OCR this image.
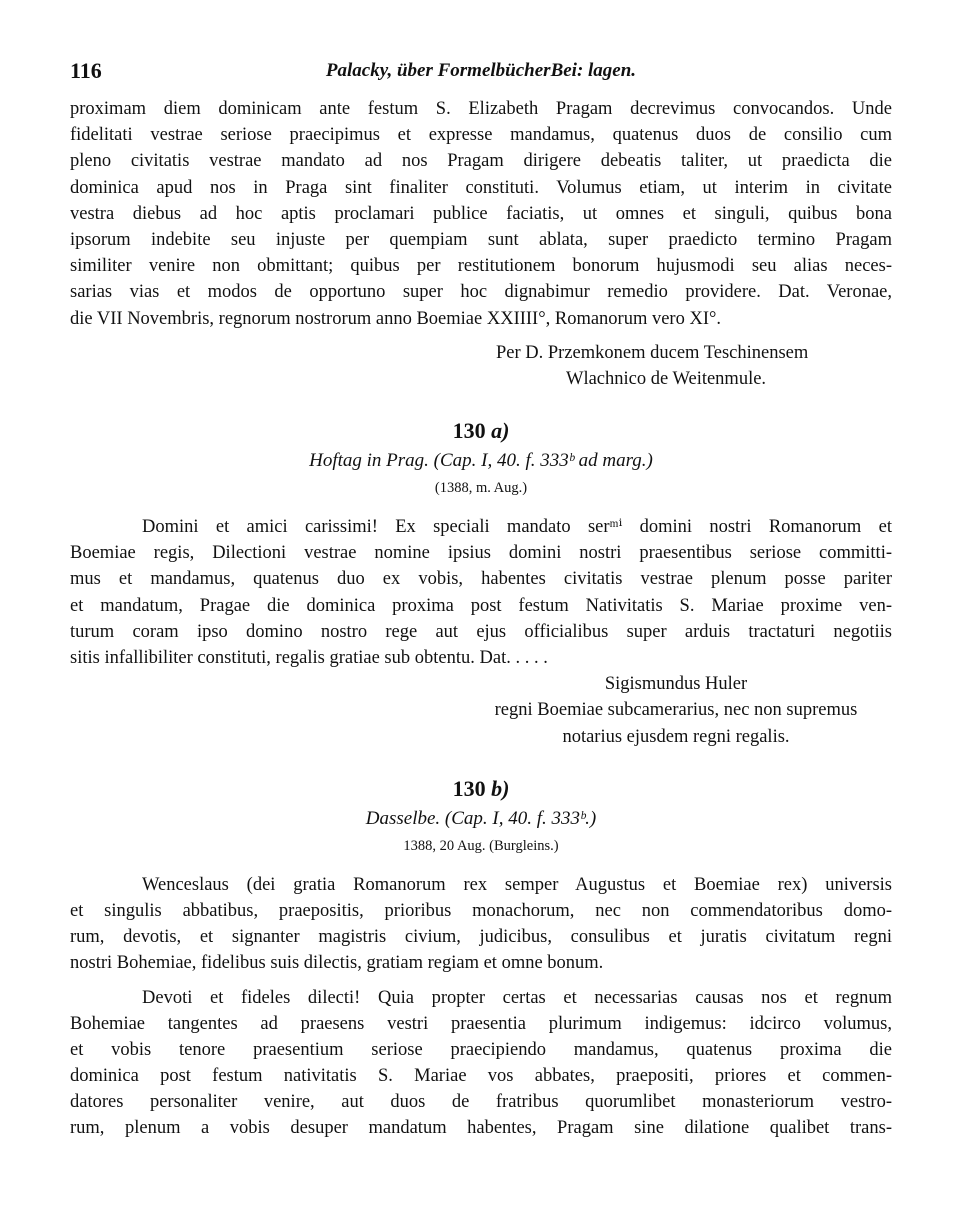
116	Palacky, über FormelbücherBei: lagen.
proximam diem dominicam ante festum S. Elizabeth Pragam decrevimus convocandos. Unde
fidelitati vestrae seriose praecipimus et expresse mandamus, quatenus duos de consilio cum
pleno civitatis vestrae mandato ad nos Pragam dirigere debeatis taliter, ut praedicta die
dominica apud nos in Praga sint finaliter constituti. Volumus etiam, ut interim in civitate
vestra diebus ad hoc aptis proclamari publice faciatis, ut omnes et singuli, quibus bona
ipsorum indebite seu injuste per quempiam sunt ablata, super praedicto termino Pragam
similiter venire non obmittant; quibus per restitutionem bonorum hujusmodi seu alias neces-
sarias vias et modos de opportuno super hoc dignabimur remedio providere. Dat. Veronae,
die VII Novembris, regnorum nostrorum anno Boemiae XXIIII°, Romanorum vero XI°.
Per D. Przemkonem ducem Teschinensem
Wlachnico de Weitenmule.
130 a)
Hoftag in Prag. (Cap. I, 40. f. 333ᵇ ad marg.)
(1388, m. Aug.)
Domini et amici carissimi! Ex speciali mandato serᵐⁱ domini nostri Romanorum et
Boemiae regis, Dilectioni vestrae nomine ipsius domini nostri praesentibus seriose committi-
mus et mandamus, quatenus duo ex vobis, habentes civitatis vestrae plenum posse pariter
et mandatum, Pragae die dominica proxima post festum Nativitatis S. Mariae proxime ven-
turum coram ipso domino nostro rege aut ejus officialibus super arduis tractaturi negotiis
sitis infallibiliter constituti, regalis gratiae sub obtentu. Dat. . . . .
Sigismundus Huler
regni Boemiae subcamerarius, nec non supremus
notarius ejusdem regni regalis.
130 b)
Dasselbe. (Cap. I, 40. f. 333ᵇ.)
1388, 20 Aug. (Burgleins.)
Wenceslaus (dei gratia Romanorum rex semper Augustus et Boemiae rex) universis
et singulis abbatibus, praepositis, prioribus monachorum, nec non commendatoribus domo-
rum, devotis, et signanter magistris civium, judicibus, consulibus et juratis civitatum regni
nostri Bohemiae, fidelibus suis dilectis, gratiam regiam et omne bonum.
Devoti et fideles dilecti! Quia propter certas et necessarias causas nos et regnum
Bohemiae tangentes ad praesens vestri praesentia plurimum indigemus: idcirco volumus,
et vobis tenore praesentium seriose praecipiendo mandamus, quatenus proxima die
dominica post festum nativitatis S. Mariae vos abbates, praepositi, priores et commen-
datores personaliter venire, aut duos de fratribus quorumlibet monasteriorum vestro-
rum, plenum a vobis desuper mandatum habentes, Pragam sine dilatione qualibet trans-
